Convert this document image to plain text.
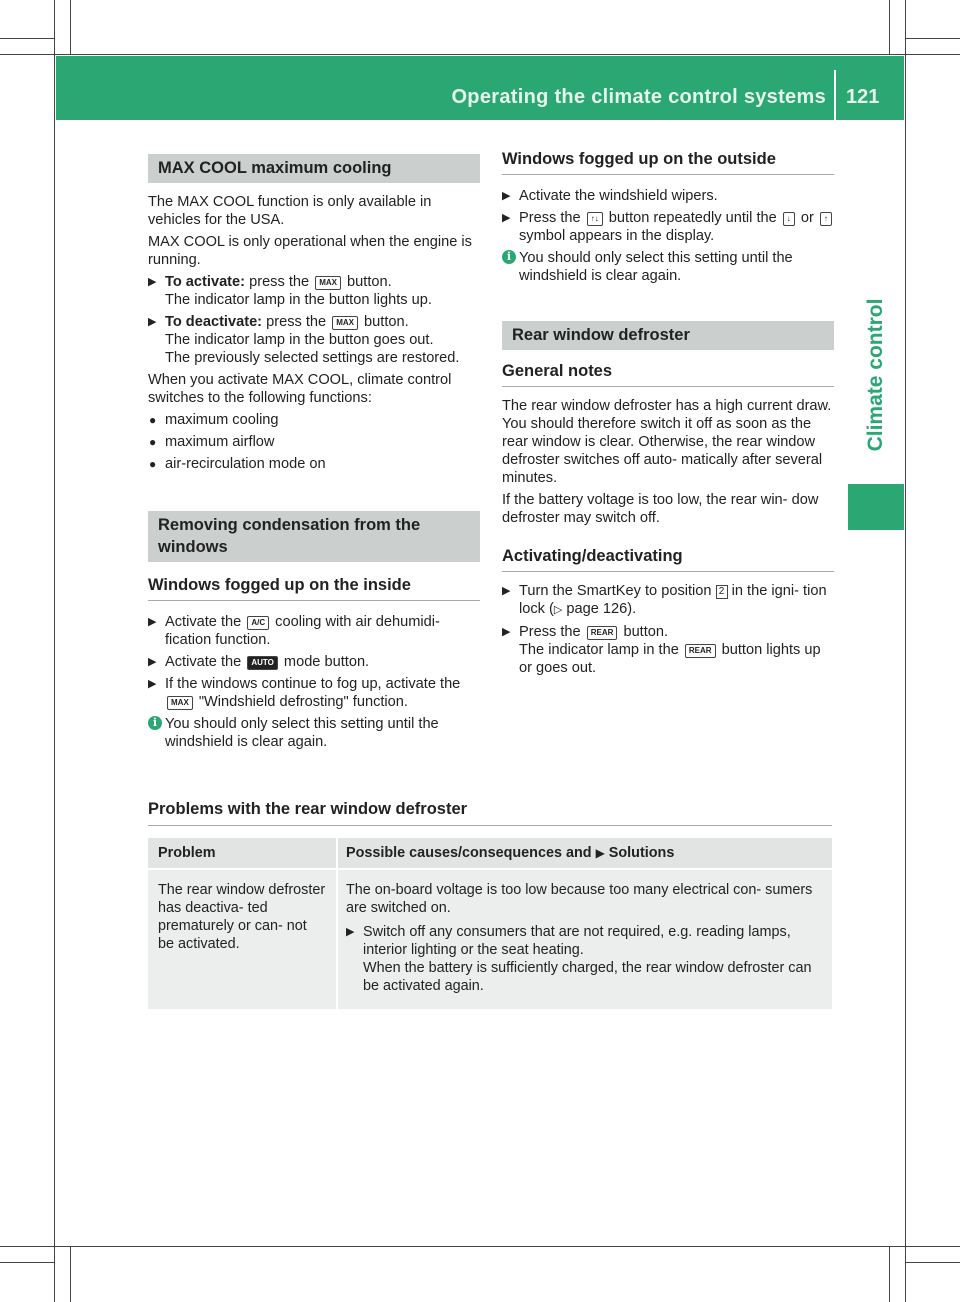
Operating the climate control systems 121
Climate control
MAX COOL maximum cooling

The MAX COOL function is only available in vehicles for the USA.

MAX COOL is only operational when the engine is running.

▶ To activate: press the MAX button.
The indicator lamp in the button lights up.
▶ To deactivate: press the MAX button.
The indicator lamp in the button goes out.
The previously selected settings are restored.

When you activate MAX COOL, climate control switches to the following functions:

● maximum cooling
● maximum airflow
● air-recirculation mode on
Removing condensation from the windows
Windows fogged up on the inside
▶ Activate the A/C cooling with air dehumidi- fication function.
▶ Activate the AUTO mode button.
▶ If the windows continue to fog up, activate the MAX "Windshield defrosting" function.
i You should only select this setting until the windshield is clear again.
Windows fogged up on the outside
▶ Activate the windshield wipers.
▶ Press the ↑↓ button repeatedly until the ↓ or ↑ symbol appears in the display.
i You should only select this setting until the windshield is clear again.
Rear window defroster
General notes

The rear window defroster has a high current draw. You should therefore switch it off as soon as the rear window is clear. Otherwise, the rear window defroster switches off auto- matically after several minutes.

If the battery voltage is too low, the rear win- dow defroster may switch off.

Activating/deactivating
▶ Turn the SmartKey to position 2 in the igni- tion lock (▷ page 126).
▶ Press the REAR button.
The indicator lamp in the REAR button lights up or goes out.
Problems with the rear window defroster
Problem	Possible causes/consequences and ▶ Solutions
The rear window defroster has deactiva- ted prematurely or can- not be activated.

The on-board voltage is too low because too many electrical con- sumers are switched on.

▶ Switch off any consumers that are not required, e.g. reading lamps, interior lighting or the seat heating.
When the battery is sufficiently charged, the rear window defroster can be activated again.
